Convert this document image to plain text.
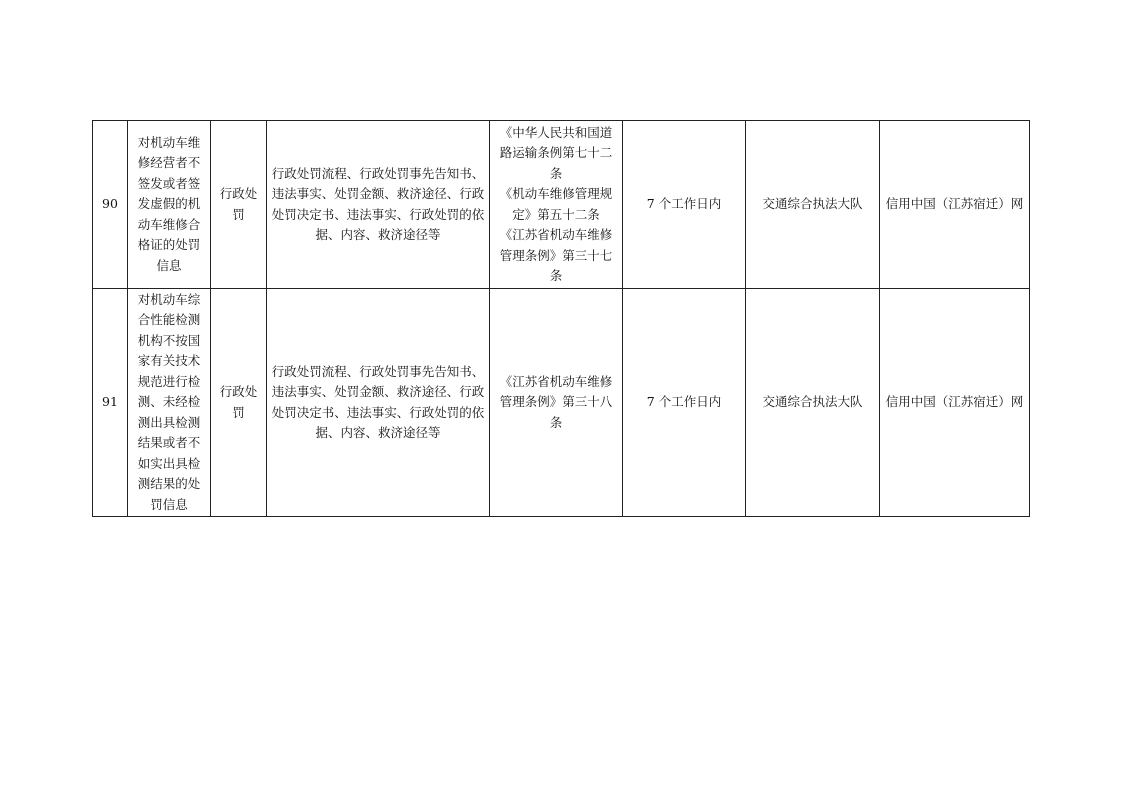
90	对机动车维修经营者不签发或者签发虚假的机动车维修合格证的处罚信息	行政处罚	行政处罚流程、行政处罚事先告知书、违法事实、处罚金额、救济途径、行政处罚决定书、违法事实、行政处罚的依据、内容、救济途径等	《中华人民共和国道路运输条例第七十二条
《机动车维修管理规定》第五十二条
《江苏省机动车维修管理条例》第三十七条	7 个工作日内	交通综合执法大队	信用中国（江苏宿迁）网
91	对机动车综合性能检测机构不按国家有关技术规范进行检测、未经检测出具检测结果或者不如实出具检测结果的处罚信息	行政处罚	行政处罚流程、行政处罚事先告知书、违法事实、处罚金额、救济途径、行政处罚决定书、违法事实、行政处罚的依据、内容、救济途径等	《江苏省机动车维修管理条例》第三十八条	7 个工作日内	交通综合执法大队	信用中国（江苏宿迁）网
